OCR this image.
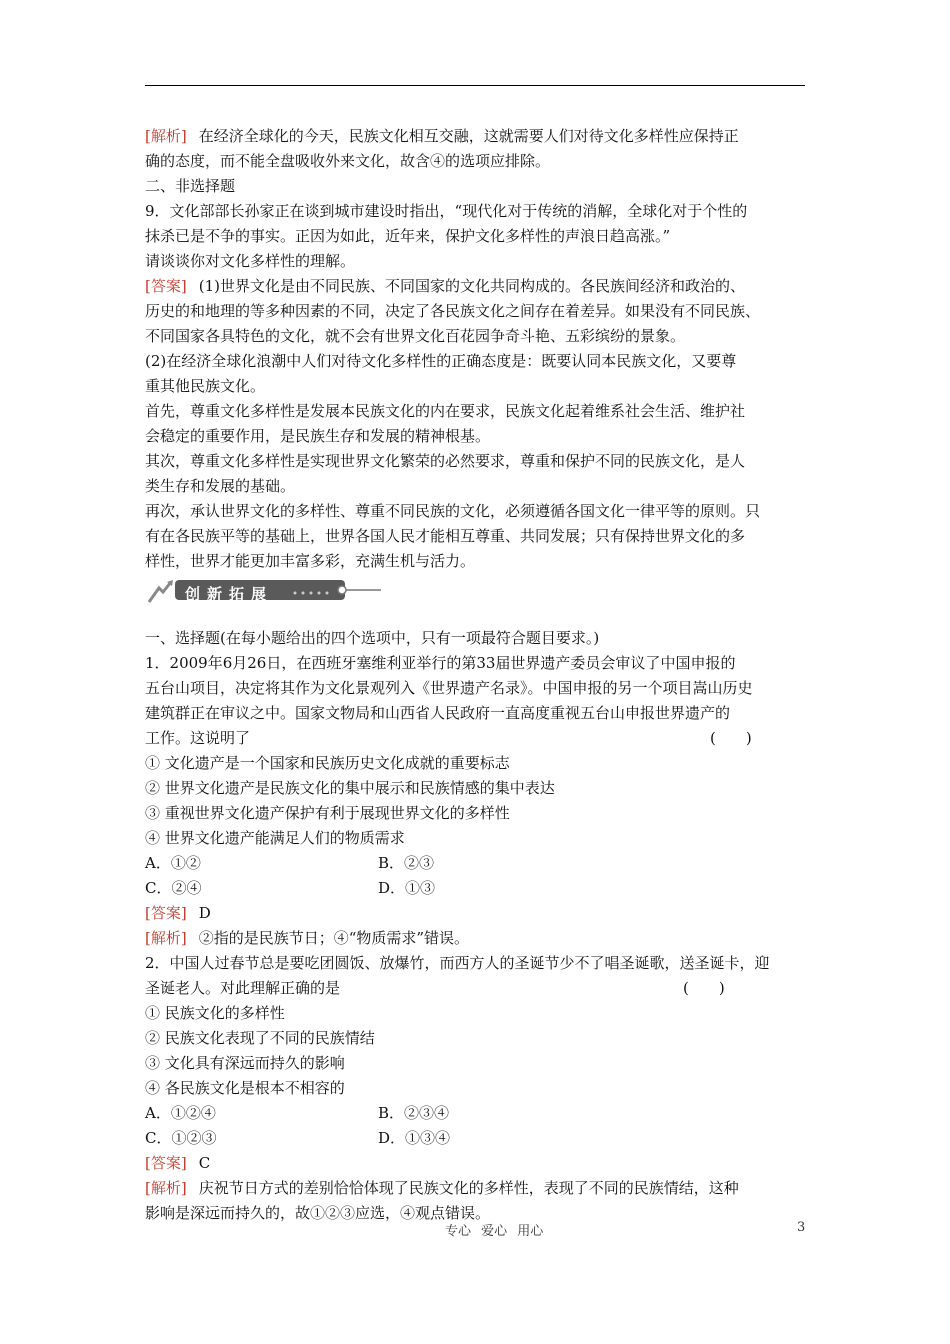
[解析] 在经济全球化的今天，民族文化相互交融，这就需要人们对待文化多样性应保持正
确的态度，而不能全盘吸收外来文化，故含④的选项应排除。
二、非选择题
9．文化部部长孙家正在谈到城市建设时指出，“现代化对于传统的消解，全球化对于个性的
抹杀已是不争的事实。正因为如此，近年来，保护文化多样性的声浪日趋高涨。”
请谈谈你对文化多样性的理解。
[答案] (1)世界文化是由不同民族、不同国家的文化共同构成的。各民族间经济和政治的、
历史的和地理的等多种因素的不同，决定了各民族文化之间存在着差异。如果没有不同民族、
不同国家各具特色的文化，就不会有世界文化百花园争奇斗艳、五彩缤纷的景象。
(2)在经济全球化浪潮中人们对待文化多样性的正确态度是：既要认同本民族文化，又要尊
重其他民族文化。
首先，尊重文化多样性是发展本民族文化的内在要求，民族文化起着维系社会生活、维护社
会稳定的重要作用，是民族生存和发展的精神根基。
其次，尊重文化多样性是实现世界文化繁荣的必然要求，尊重和保护不同的民族文化，是人
类生存和发展的基础。
再次，承认世界文化的多样性、尊重不同民族的文化，必须遵循各国文化一律平等的原则。只
有在各民族平等的基础上，世界各国人民才能相互尊重、共同发展；只有保持世界文化的多
样性，世界才能更加丰富多彩，充满生机与活力。
创新拓展
一、选择题(在每小题给出的四个选项中，只有一项最符合题目要求。)
1．2009年6月26日，在西班牙塞维利亚举行的第33届世界遗产委员会审议了中国申报的
五台山项目，决定将其作为文化景观列入《世界遗产名录》。中国申报的另一个项目嵩山历史
建筑群正在审议之中。国家文物局和山西省人民政府一直高度重视五台山申报世界遗产的
工作。这说明了	(　　)
① 文化遗产是一个国家和民族历史文化成就的重要标志
② 世界文化遗产是民族文化的集中展示和民族情感的集中表达
③ 重视世界文化遗产保护有利于展现世界文化的多样性
④ 世界文化遗产能满足人们的物质需求
A．①②	B．②③
C．②④	D．①③
[答案] D
[解析] ②指的是民族节日；④“物质需求”错误。
2．中国人过春节总是要吃团圆饭、放爆竹，而西方人的圣诞节少不了唱圣诞歌，送圣诞卡，迎
圣诞老人。对此理解正确的是	(　　)
① 民族文化的多样性
② 民族文化表现了不同的民族情结
③ 文化具有深远而持久的影响
④ 各民族文化是根本不相容的
A．①②④	B．②③④
C．①②③	D．①③④
[答案] C
[解析] 庆祝节日方式的差别恰恰体现了民族文化的多样性，表现了不同的民族情结，这种
影响是深远而持久的，故①②③应选，④观点错误。
专心 爱心 用心	3
